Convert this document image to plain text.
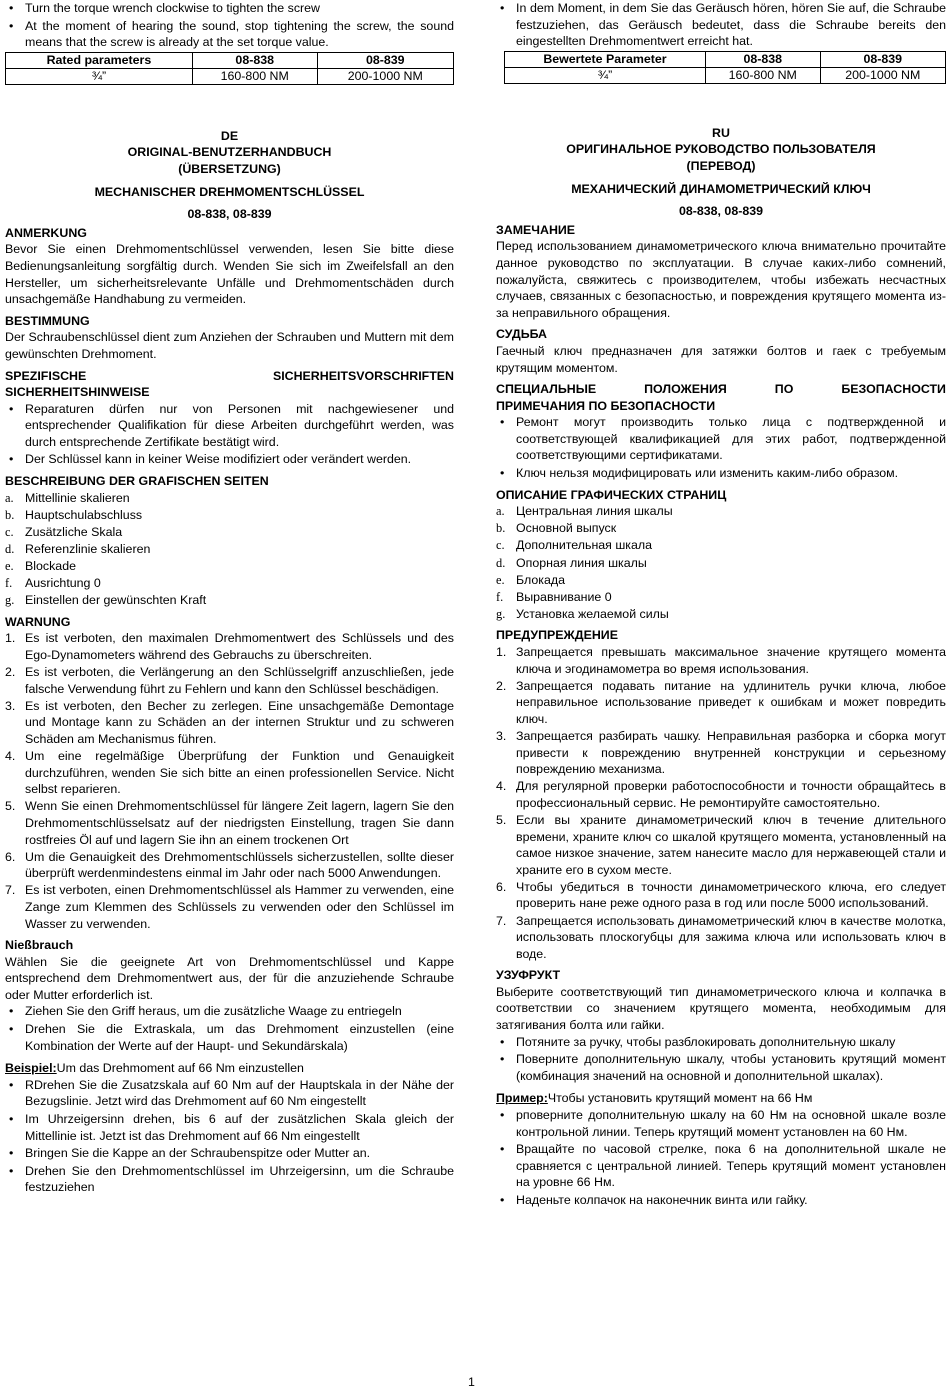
• Turn the torque wrench clockwise to tighten the screw
• At the moment of hearing the sound, stop tightening the screw, the sound means that the screw is already at the set torque value.
Rated parameters	08-838	08-839
¾”	160-800 NM	200-1000 NM
DE
ORIGINAL-BENUTZERHANDBUCH
(ÜBERSETZUNG)
MECHANISCHER DREHMOMENTSCHLÜSSEL
08-838, 08-839
ANMERKUNG

Bevor Sie einen Drehmomentschlüssel verwenden, lesen Sie bitte diese Bedienungsanleitung sorgfältig durch. Wenden Sie sich im Zweifelsfall an den Hersteller, um sicherheitsrelevante Unfälle und Drehmomentschäden durch unsachgemäße Handhabung zu vermeiden.

BESTIMMUNG

Der Schraubenschlüssel dient zum Anziehen der Schrauben und Muttern mit dem gewünschten Drehmoment.

SPEZIFISCHE	SICHERHEITSVORSCHRIFTEN
SICHERHEITSHINWEISE
• Reparaturen dürfen nur von Personen mit nachgewiesener und entsprechender Qualifikation für diese Arbeiten durchgeführt werden, was durch entsprechende Zertifikate bestätigt wird.
• Der Schlüssel kann in keiner Weise modifiziert oder verändert werden.
BESCHREIBUNG DER GRAFISCHEN SEITEN
a. Mittellinie skalieren
b. Hauptschulabschluss
c. Zusätzliche Skala
d. Referenzlinie skalieren
e. Blockade
f. Ausrichtung 0
g. Einstellen der gewünschten Kraft
WARNUNG
1. Es ist verboten, den maximalen Drehmomentwert des Schlüssels und des Ego-Dynamometers während des Gebrauchs zu überschreiten.
2. Es ist verboten, die Verlängerung an den Schlüsselgriff anzuschließen, jede falsche Verwendung führt zu Fehlern und kann den Schlüssel beschädigen.
3. Es ist verboten, den Becher zu zerlegen. Eine unsachgemäße Demontage und Montage kann zu Schäden an der internen Struktur und zu schweren Schäden am Mechanismus führen.
4. Um eine regelmäßige Überprüfung der Funktion und Genauigkeit durchzuführen, wenden Sie sich bitte an einen professionellen Service. Nicht selbst reparieren.
5. Wenn Sie einen Drehmomentschlüssel für längere Zeit lagern, lagern Sie den Drehmomentschlüsselsatz auf der niedrigsten Einstellung, tragen Sie dann rostfreies Öl auf und lagern Sie ihn an einem trockenen Ort
6. Um die Genauigkeit des Drehmomentschlüssels sicherzustellen, sollte dieser überprüft werdenmindestens einmal im Jahr oder nach 5000 Anwendungen.
7. Es ist verboten, einen Drehmomentschlüssel als Hammer zu verwenden, eine Zange zum Klemmen des Schlüssels zu verwenden oder den Schlüssel im Wasser zu verwenden.
Nießbrauch

Wählen Sie die geeignete Art von Drehmomentschlüssel und Kappe entsprechend dem Drehmomentwert aus, der für die anzuziehende Schraube oder Mutter erforderlich ist.

• Ziehen Sie den Griff heraus, um die zusätzliche Waage zu entriegeln
• Drehen Sie die Extraskala, um das Drehmoment einzustellen (eine Kombination der Werte auf der Haupt- und Sekundärskala)
Beispiel:Um das Drehmoment auf 66 Nm einzustellen
• RDrehen Sie die Zusatzskala auf 60 Nm auf der Hauptskala in der Nähe der Bezugslinie. Jetzt wird das Drehmoment auf 60 Nm eingestellt
• Im Uhrzeigersinn drehen, bis 6 auf der zusätzlichen Skala gleich der Mittellinie ist. Jetzt ist das Drehmoment auf 66 Nm eingestellt
• Bringen Sie die Kappe an der Schraubenspitze oder Mutter an.
• Drehen Sie den Drehmomentschlüssel im Uhrzeigersinn, um die Schraube festzuziehen
• In dem Moment, in dem Sie das Geräusch hören, hören Sie auf, die Schraube festzuziehen, das Geräusch bedeutet, dass die Schraube bereits den eingestellten Drehmomentwert erreicht hat.
Bewertete Parameter	08-838	08-839
¾”	160-800 NM	200-1000 NM
RU
ОРИГИНАЛЬНОЕ РУКОВОДСТВО ПОЛЬЗОВАТЕЛЯ
(ПЕРЕВОД)
МЕХАНИЧЕСКИЙ ДИНАМОМЕТРИЧЕСКИЙ КЛЮЧ
08-838, 08-839
ЗАМЕЧАНИЕ

Перед использованием динамометрического ключа внимательно прочитайте данное руководство по эксплуатации. В случае каких-либо сомнений, пожалуйста, свяжитесь с производителем, чтобы избежать несчастных случаев, связанных с безопасностью, и повреждения крутящего момента из-за неправильного обращения.

СУДЬБА

Гаечный ключ предназначен для затяжки болтов и гаек с требуемым крутящим моментом.

СПЕЦИАЛЬНЫЕ	ПОЛОЖЕНИЯ	ПО	БЕЗОПАСНОСТИ
ПРИМЕЧАНИЯ ПО БЕЗОПАСНОСТИ
• Ремонт могут производить только лица с подтвержденной и соответствующей квалификацией для этих работ, подтвержденной соответствующими сертификатами.
• Ключ нельзя модифицировать или изменить каким-либо образом.
ОПИСАНИЕ ГРАФИЧЕСКИХ СТРАНИЦ
a. Центральная линия шкалы
b. Основной выпуск
c. Дополнительная шкала
d. Опорная линия шкалы
e. Блокада
f. Выравнивание 0
g. Установка желаемой силы
ПРЕДУПРЕЖДЕНИЕ
1. Запрещается превышать максимальное значение крутящего момента ключа и эгодинамометра во время использования.
2. Запрещается подавать питание на удлинитель ручки ключа, любое неправильное использование приведет к ошибкам и может повредить ключ.
3. Запрещается разбирать чашку. Неправильная разборка и сборка могут привести к повреждению внутренней конструкции и серьезному повреждению механизма.
4. Для регулярной проверки работоспособности и точности обращайтесь в профессиональный сервис. Не ремонтируйте самостоятельно.
5. Если вы храните динамометрический ключ в течение длительного времени, храните ключ со шкалой крутящего момента, установленный на самое низкое значение, затем нанесите масло для нержавеющей стали и храните его в сухом месте.
6. Чтобы убедиться в точности динамометрического ключа, его следует проверить нане реже одного раза в год или после 5000 использований.
7. Запрещается использовать динамометрический ключ в качестве молотка, использовать плоскогубцы для зажима ключа или использовать ключ в воде.
УЗУФРУКТ

Выберите соответствующий тип динамометрического ключа и колпачка в соответствии со значением крутящего момента, необходимым для затягивания болта или гайки.

• Потяните за ручку, чтобы разблокировать дополнительную шкалу
• Поверните дополнительную шкалу, чтобы установить крутящий момент (комбинация значений на основной и дополнительной шкалах).
Пример:Чтобы установить крутящий момент на 66 Нм
• рповерните дополнительную шкалу на 60 Нм на основной шкале возле контрольной линии. Теперь крутящий момент установлен на 60 Нм.
• Вращайте по часовой стрелке, пока 6 на дополнительной шкале не сравняется с центральной линией. Теперь крутящий момент установлен на уровне 66 Нм.
• Наденьте колпачок на наконечник винта или гайку.
1
